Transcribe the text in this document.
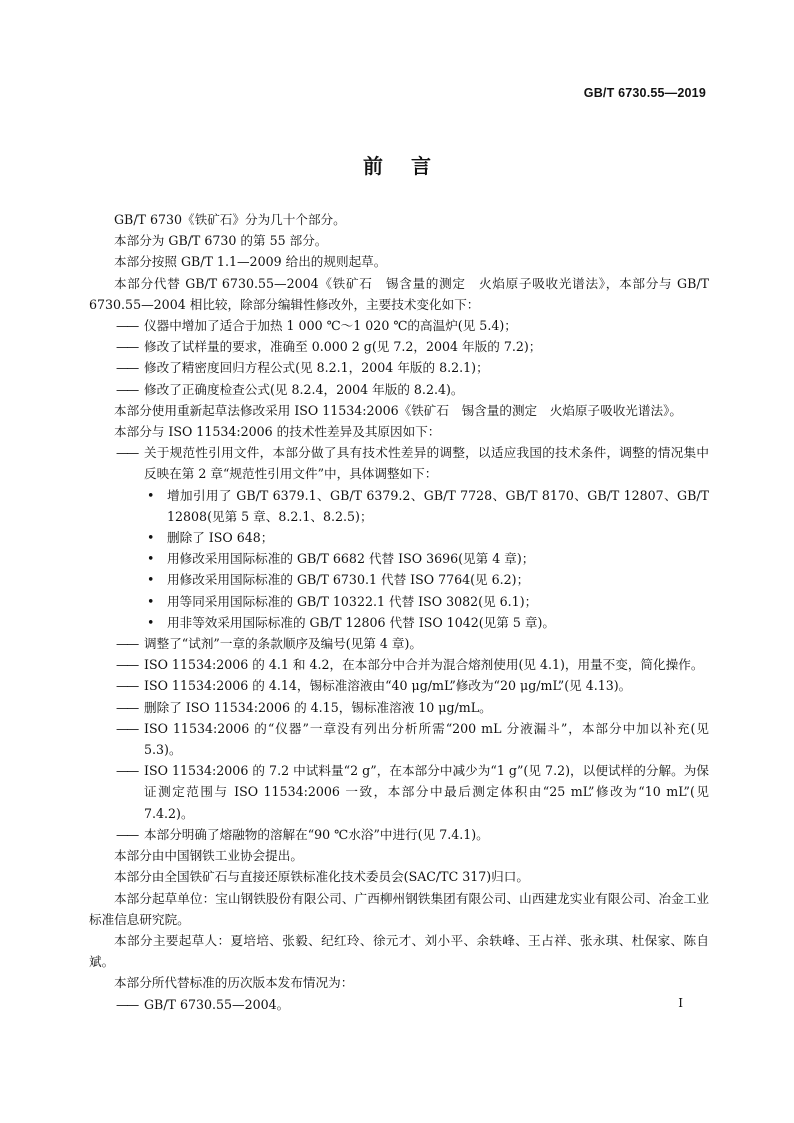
GB/T 6730.55—2019
前言

GB/T 6730《铁矿石》分为几十个部分。

本部分为 GB/T 6730 的第 55 部分。

本部分按照 GB/T 1.1—2009 给出的规则起草。

本部分代替 GB/T 6730.55—2004《铁矿石　锡含量的测定　火焰原子吸收光谱法》，本部分与 GB/T 6730.55—2004 相比较，除部分编辑性修改外，主要技术变化如下：

—— 仪器中增加了适合于加热 1 000 ℃～1 020 ℃的高温炉(见 5.4)；

—— 修改了试样量的要求，准确至 0.000 2 g(见 7.2，2004 年版的 7.2)；

—— 修改了精密度回归方程公式(见 8.2.1，2004 年版的 8.2.1)；

—— 修改了正确度检查公式(见 8.2.4，2004 年版的 8.2.4)。

本部分使用重新起草法修改采用 ISO 11534:2006《铁矿石　锡含量的测定　火焰原子吸收光谱法》。

本部分与 ISO 11534:2006 的技术性差异及其原因如下：

—— 关于规范性引用文件，本部分做了具有技术性差异的调整，以适应我国的技术条件，调整的情况集中反映在第 2 章“规范性引用文件”中，具体调整如下：

• 增加引用了 GB/T 6379.1、GB/T 6379.2、GB/T 7728、GB/T 8170、GB/T 12807、GB/T 12808(见第 5 章、8.2.1、8.2.5)；

• 删除了 ISO 648；

• 用修改采用国际标准的 GB/T 6682 代替 ISO 3696(见第 4 章)；

• 用修改采用国际标准的 GB/T 6730.1 代替 ISO 7764(见 6.2)；

• 用等同采用国际标准的 GB/T 10322.1 代替 ISO 3082(见 6.1)；

• 用非等效采用国际标准的 GB/T 12806 代替 ISO 1042(见第 5 章)。

—— 调整了“试剂”一章的条款顺序及编号(见第 4 章)。

—— ISO 11534:2006 的 4.1 和 4.2，在本部分中合并为混合熔剂使用(见 4.1)，用量不变，简化操作。

—— ISO 11534:2006 的 4.14，锡标准溶液由“40 μg/mL”修改为“20 μg/mL”(见 4.13)。

—— 删除了 ISO 11534:2006 的 4.15，锡标准溶液 10 μg/mL。

—— ISO 11534:2006 的“仪器”一章没有列出分析所需“200 mL 分液漏斗”，本部分中加以补充(见 5.3)。

—— ISO 11534:2006 的 7.2 中试料量“2 g”，在本部分中减少为“1 g”(见 7.2)，以便试样的分解。为保证测定范围与 ISO 11534:2006 一致，本部分中最后测定体积由“25 mL”修改为“10 mL”(见 7.4.2)。

—— 本部分明确了熔融物的溶解在“90 ℃水浴”中进行(见 7.4.1)。

本部分由中国钢铁工业协会提出。

本部分由全国铁矿石与直接还原铁标准化技术委员会(SAC/TC 317)归口。

本部分起草单位：宝山钢铁股份有限公司、广西柳州钢铁集团有限公司、山西建龙实业有限公司、冶金工业标准信息研究院。

本部分主要起草人：夏培培、张毅、纪红玲、徐元才、刘小平、余轶峰、王占祥、张永琪、杜保家、陈自斌。

本部分所代替标准的历次版本发布情况为：

—— GB/T 6730.55—2004。	I
